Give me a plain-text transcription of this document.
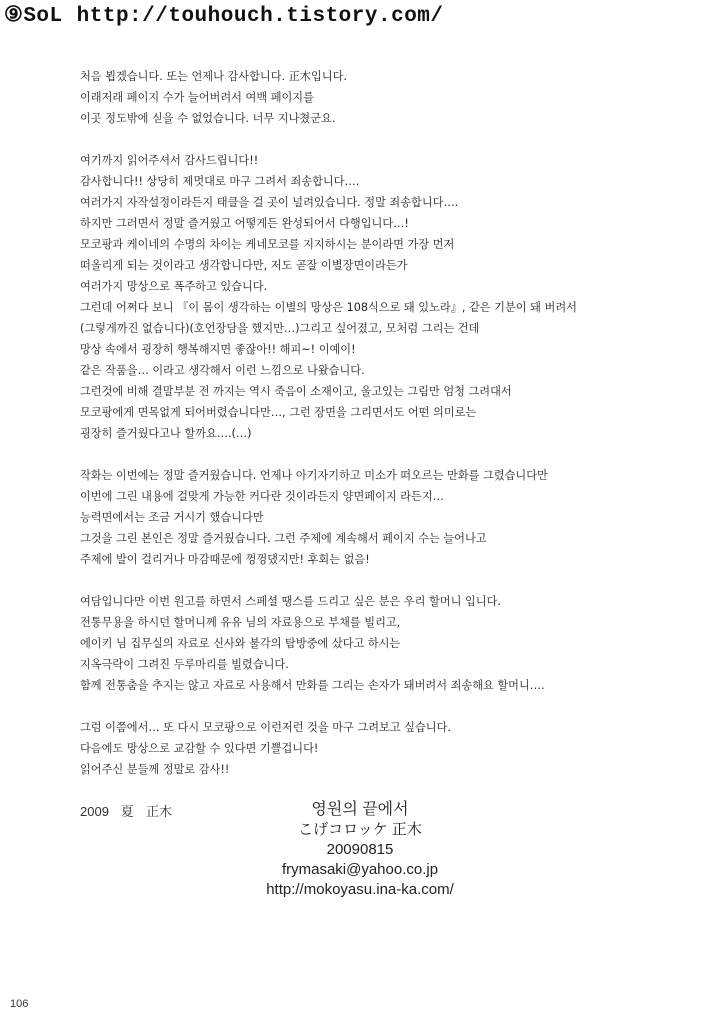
⑨SoL http://touhouch.tistory.com/
처음 뵙겠습니다. 또는 언제나 감사합니다. 正木입니다.
이래저래 페이지 수가 늘어버려서 여백 페이지를
이곳 정도밖에 싣을 수 없었습니다. 너무 지나쳤군요.
여기까지 읽어주셔서 감사드립니다!!
감사합니다!! 상당히 제멋대로 마구 그려서 죄송합니다….
여러가지 자작설정이라든지 태클을 걸 곳이 널려있습니다. 정말 죄송합니다….
하지만 그러면서 정말 즐거웠고 어떻게든 완성되어서 다행입니다…!
모코팡과 케이네의 수명의 차이는 케네모코를 지지하시는 분이라면 가장 먼저
떠올리게 되는 것이라고 생각합니다만, 저도 곧잘 이별장면이라든가
여러가지 망상으로 폭주하고 있습니다.
그런데 어쩌다 보니 『이 몸이 생각하는 이별의 망상은 108식으로 돼 있노라』, 같은 기분이 돼 버려서
(그렇게까진 없습니다)(호언장담을 했지만…)그리고 싶어졌고, 모처럼 그리는 건데
망상 속에서 굉장히 행복해지면 좋잖아!! 해피~! 이예이!
같은 작품을… 이라고 생각해서 이런 느낌으로 나왔습니다.
그런것에 비해 결말부분 전 까지는 역시 죽음이 소재이고, 울고있는 그림만 엄청 그려대서
모코팡에게 면목없게 되어버렸습니다만…, 그런 장면을 그리면서도 어떤 의미로는
굉장히 즐거웠다고나 할까요….(…)
작화는 이번에는 정말 즐거웠습니다. 언제나 아기자기하고 미소가 떠오르는 만화를 그렸습니다만
이번에 그린 내용에 걸맞게 가능한 커다란 것이라든지 양면페이지 라든지…
능력면에서는 조금 거시기 했습니다만
그것을 그린 본인은 정말 즐거웠습니다. 그런 주제에 계속해서 페이지 수는 늘어나고
주제에 발이 걸리거나 마감때문에 껑껑댔지만! 후회는 없음!
여담입니다만 이번 원고를 하면서 스페셜 땡스를 드리고 싶은 분은 우리 할머니 입니다.
전통무용을 하시던 할머니께 유유 님의 자료용으로 부채를 빌리고,
에이키 님 집무실의 자료로 신사와 불각의 탐방중에 샀다고 하시는
지옥극락이 그려진 두루마리를 빌렸습니다.
함께 전통춤을 추지는 않고 자료로 사용해서 만화를 그리는 손자가 돼버려서 죄송해요 할머니….
그럼 이쯤에서… 또 다시 모코팡으로 이런저런 것을 마구 그려보고 싶습니다.
다음에도 망상으로 교감할 수 있다면 기쁠겁니다!
읽어주신 분들께 정말로 감사!!
2009 夏 正木	영원의 끝에서
こげコロッケ 正木
20090815
frymasaki@yahoo.co.jp
http://mokoyasu.ina-ka.com/
106
